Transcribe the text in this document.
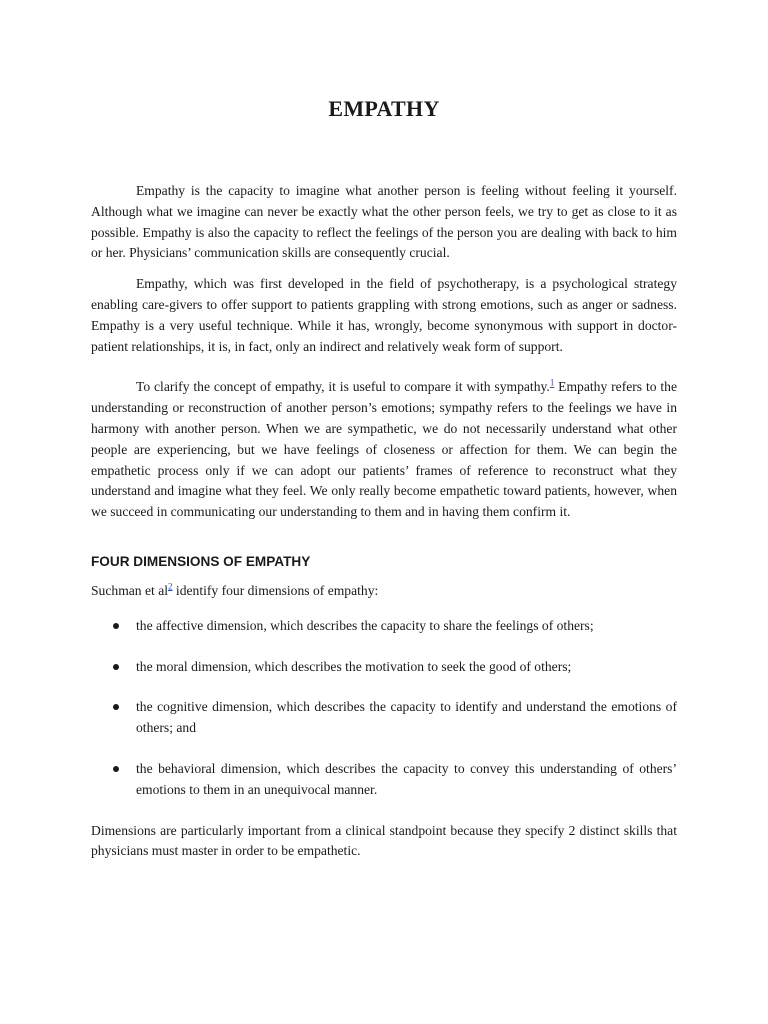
EMPATHY

Empathy is the capacity to imagine what another person is feeling without feeling it yourself. Although what we imagine can never be exactly what the other person feels, we try to get as close to it as possible. Empathy is also the capacity to reflect the feelings of the person you are dealing with back to him or her. Physicians’ communication skills are consequently crucial.

Empathy, which was first developed in the field of psychotherapy, is a psychological strategy enabling care-givers to offer support to patients grappling with strong emotions, such as anger or sadness. Empathy is a very useful technique. While it has, wrongly, become synonymous with support in doctor-patient relationships, it is, in fact, only an indirect and relatively weak form of support.

To clarify the concept of empathy, it is useful to compare it with sympathy.$^1$ Empathy refers to the understanding or reconstruction of another person’s emotions; sympathy refers to the feelings we have in harmony with another person. When we are sympathetic, we do not necessarily understand what other people are experiencing, but we have feelings of closeness or affection for them. We can begin the empathetic process only if we can adopt our patients’ frames of reference to reconstruct what they understand and imagine what they feel. We only really become empathetic toward patients, however, when we succeed in communicating our understanding to them and in having them confirm it.

FOUR DIMENSIONS OF EMPATHY

Suchman et al$^2$ identify four dimensions of empathy:

the affective dimension, which describes the capacity to share the feelings of others;
the moral dimension, which describes the motivation to seek the good of others;
the cognitive dimension, which describes the capacity to identify and understand the emotions of others; and
the behavioral dimension, which describes the capacity to convey this understanding of others’ emotions to them in an unequivocal manner.

Dimensions are particularly important from a clinical standpoint because they specify 2 distinct skills that physicians must master in order to be empathetic.
